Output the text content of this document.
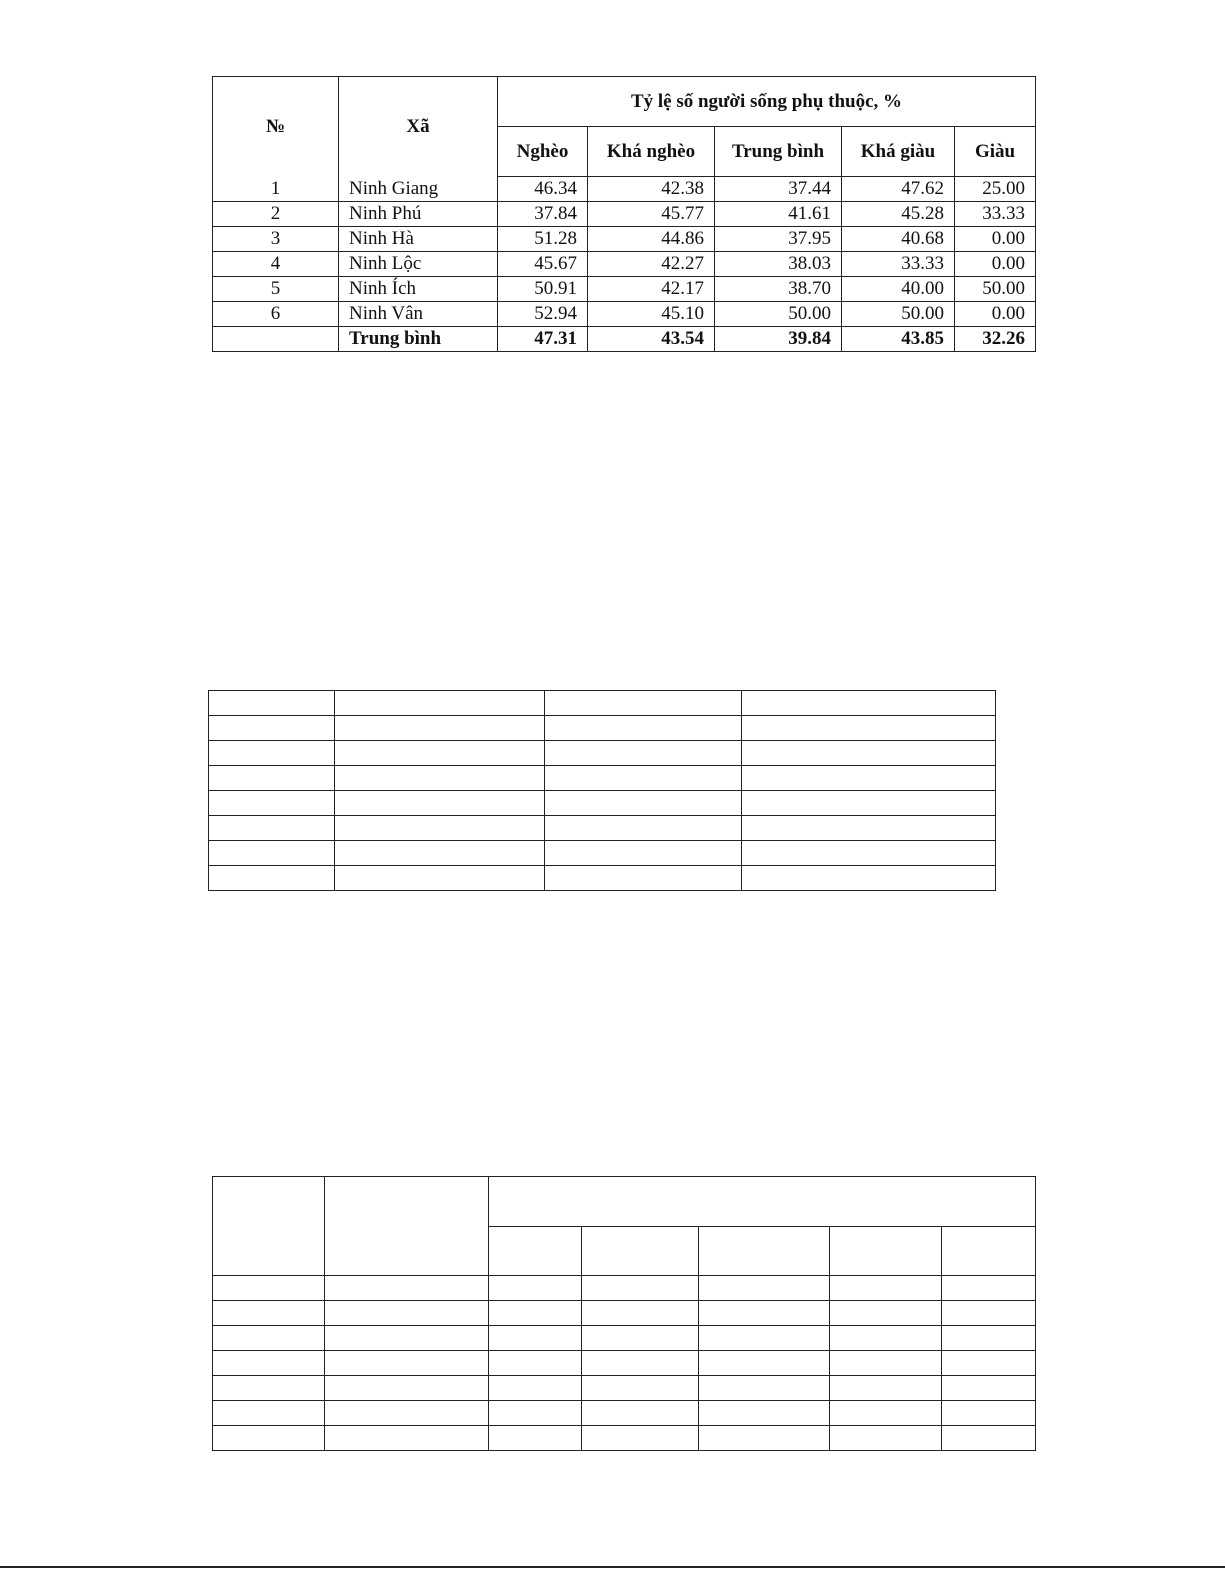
№	Xã	Tỷ lệ số người sống phụ thuộc, %				
		Nghèo	Khá nghèo	Trung bình	Khá giàu	Giàu
1	Ninh Giang	46.34	42.38	37.44	47.62	25.00
2	Ninh Phú	37.84	45.77	41.61	45.28	33.33
3	Ninh Hà	51.28	44.86	37.95	40.68	0.00
4	Ninh Lộc	45.67	42.27	38.03	33.33	0.00
5	Ninh Ích	50.91	42.17	38.70	40.00	50.00
6	Ninh Vân	52.94	45.10	50.00	50.00	0.00
	Trung bình	47.31	43.54	39.84	43.85	32.26
